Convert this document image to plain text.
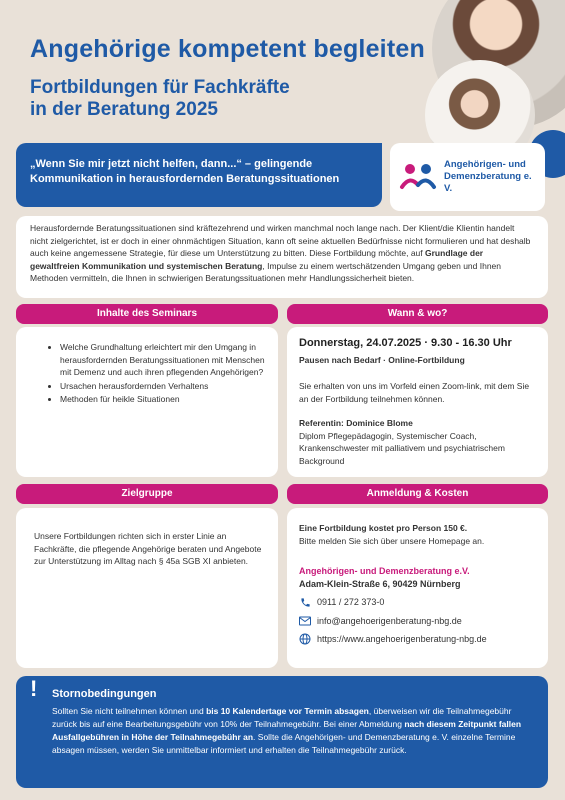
Angehörige kompetent begleiten
Fortbildungen für Fachkräfte
in der Beratung 2025
„Wenn Sie mir jetzt nicht helfen, dann...“ – gelingende
Kommunikation in herausfordernden Beratungssituationen
Angehörigen- und
Demenzberatung e. V.
Herausfordernde Beratungssituationen sind kräftezehrend und wirken manchmal noch lange nach. Der Klient/die Klientin handelt nicht zielgerichtet, ist er doch in einer ohnmächtigen Situation, kann oft seine aktuellen Bedürfnisse nicht formulieren und hat deshalb auch keine angemessene Strategie, für diese um Unterstützung zu bitten. Diese Fortbildung möchte, auf Grundlage der gewaltfreien Kommunikation und systemischen Beratung, Impulse zu einem wertschätzenden Umgang geben und Ihnen Methoden vermitteln, die Ihnen in schwierigen Beratungssituationen mehr Handlungssicherheit bieten.
Inhalte des Seminars	Wann & wo?
• Welche Grundhaltung erleichtert mir den Umgang in herausfordernden Beratungssituationen mit Menschen mit Demenz und auch ihren pflegenden Angehörigen?
• Ursachen herausfordernden Verhaltens
• Methoden für heikle Situationen
Donnerstag, 24.07.2025 · 9.30 - 16.30 Uhr
Pausen nach Bedarf · Online-Fortbildung
Sie erhalten von uns im Vorfeld einen Zoom-link, mit dem Sie an der Fortbildung teilnehmen können.
Referentin: Dominice Blome
Diplom Pflegepädagogin, Systemischer Coach, Krankenschwester mit palliativem und psychiatrischem Background
Zielgruppe	Anmeldung & Kosten
Unsere Fortbildungen richten sich in erster Linie an Fachkräfte, die pflegende Angehörige beraten und Angebote zur Unterstützung im Alltag nach § 45a SGB XI anbieten.
Eine Fortbildung kostet pro Person 150 €.
Bitte melden Sie sich über unsere Homepage an.
Angehörigen- und Demenzberatung e.V.
Adam-Klein-Straße 6, 90429 Nürnberg
0911 / 272 373-0
info@angehoerigenberatung-nbg.de
https://www.angehoerigenberatung-nbg.de
! Stornobedingungen
Sollten Sie nicht teilnehmen können und bis 10 Kalendertage vor Termin absagen, überweisen wir die Teilnahmegebühr zurück bis auf eine Bearbeitungsgebühr von 10% der Teilnahmegebühr. Bei einer Abmeldung nach diesem Zeitpunkt fallen Ausfallgebühren in Höhe der Teilnahmegebühr an. Sollte die Angehörigen- und Demenzberatung e. V. einzelne Termine absagen müssen, werden Sie unmittelbar informiert und erhalten die Teilnahmegebühr zurück.
